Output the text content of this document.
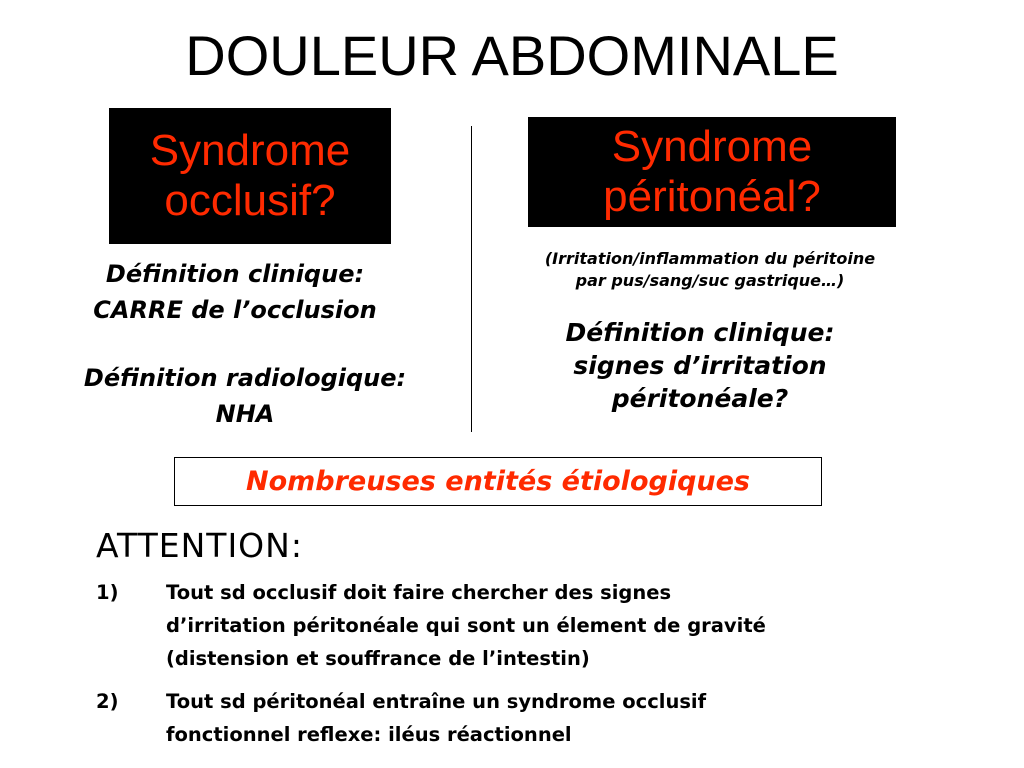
DOULEUR ABDOMINALE
Syndrome
occlusif?
Syndrome
péritonéal?
Définition clinique:
CARRE de l’occlusion
Définition radiologique:
NHA
(Irritation/inflammation du péritoine
par pus/sang/suc gastrique…)
Définition clinique:
signes d’irritation
péritonéale?
Nombreuses entités étiologiques
ATTENTION:
1)	Tout sd occlusif doit faire chercher des signes
d’irritation péritonéale qui sont un élement de gravité
(distension et souffrance de l’intestin)
2)	Tout sd péritonéal entraîne un syndrome occlusif
fonctionnel reflexe: iléus réactionnel
